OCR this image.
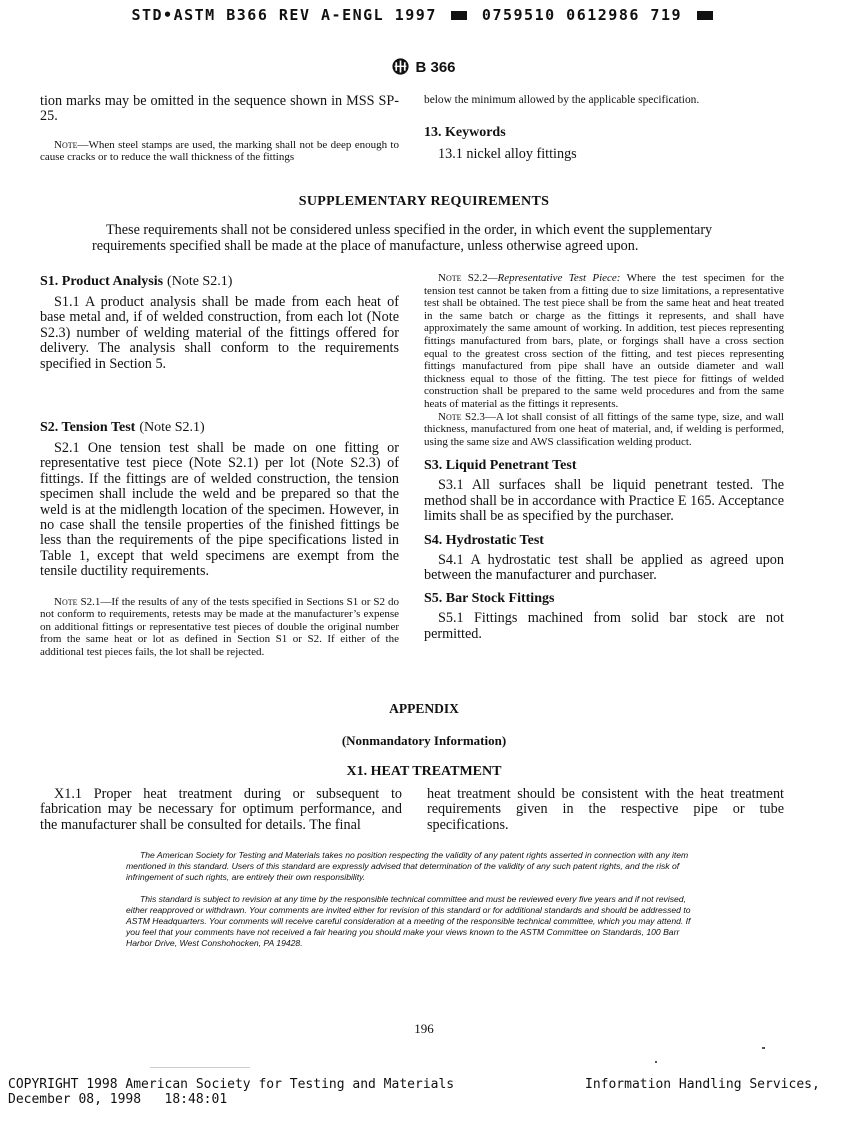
STD•ASTM B366 REV A-ENGL 1997	0759510 0612986 719
B 366

tion marks may be omitted in the sequence shown in MSS SP-25.

Note—When steel stamps are used, the marking shall not be deep enough to cause cracks or to reduce the wall thickness of the fittings

below the minimum allowed by the applicable specification.

13. Keywords

13.1 nickel alloy fittings

SUPPLEMENTARY REQUIREMENTS

These requirements shall not be considered unless specified in the order, in which event the supplementary

requirements specified shall be made at the place of manufacture, unless otherwise agreed upon.

S1. Product Analysis (Note S2.1)

S1.1 A product analysis shall be made from each heat of base metal and, if of welded construction, from each lot (Note S2.3) number of welding material of the fittings offered for delivery. The analysis shall conform to the requirements specified in Section 5.

S2. Tension Test (Note S2.1)

S2.1 One tension test shall be made on one fitting or representative test piece (Note S2.1) per lot (Note S2.3) of fittings. If the fittings are of welded construction, the tension specimen shall include the weld and be prepared so that the weld is at the midlength location of the specimen. However, in no case shall the tensile properties of the finished fittings be less than the requirements of the pipe specifications listed in Table 1, except that weld specimens are exempt from the tensile ductility requirements.

Note S2.1—If the results of any of the tests specified in Sections S1 or S2 do not conform to requirements, retests may be made at the manufacturer’s expense on additional fittings or representative test pieces of double the original number from the same heat or lot as defined in Section S1 or S2. If either of the additional test pieces fails, the lot shall be rejected.

Note S2.2—Representative Test Piece: Where the test specimen for the tension test cannot be taken from a fitting due to size limitations, a representative test shall be obtained. The test piece shall be from the same heat and heat treated in the same batch or charge as the fittings it represents, and shall have approximately the same amount of working. In addition, test pieces representing fittings manufactured from bars, plate, or forgings shall have a cross section equal to the greatest cross section of the fitting, and test pieces representing fittings manufactured from pipe shall have an outside diameter and wall thickness equal to those of the fitting. The test piece for fittings of welded construction shall be prepared to the same weld procedures and from the same heats of material as the fittings it represents.

Note S2.3—A lot shall consist of all fittings of the same type, size, and wall thickness, manufactured from one heat of material, and, if welding is performed, using the same size and AWS classification welding product.

S3. Liquid Penetrant Test

S3.1 All surfaces shall be liquid penetrant tested. The method shall be in accordance with Practice E 165. Acceptance limits shall be as specified by the purchaser.

S4. Hydrostatic Test

S4.1 A hydrostatic test shall be applied as agreed upon between the manufacturer and purchaser.

S5. Bar Stock Fittings

S5.1 Fittings machined from solid bar stock are not permitted.

APPENDIX
(Nonmandatory Information)
X1. HEAT TREATMENT

X1.1 Proper heat treatment during or subsequent to fabrication may be necessary for optimum performance, and the manufacturer shall be consulted for details. The final

heat treatment should be consistent with the heat treatment requirements given in the respective pipe or tube specifications.

The American Society for Testing and Materials takes no position respecting the validity of any patent rights asserted in connection with any item mentioned in this standard. Users of this standard are expressly advised that determination of the validity of any such patent rights, and the risk of infringement of such rights, are entirely their own responsibility.

This standard is subject to revision at any time by the responsible technical committee and must be reviewed every five years and if not revised, either reapproved or withdrawn. Your comments are invited either for revision of this standard or for additional standards and should be addressed to ASTM Headquarters. Your comments will receive careful consideration at a meeting of the responsible technical committee, which you may attend. If you feel that your comments have not received a fair hearing you should make your views known to the ASTM Committee on Standards, 100 Barr Harbor Drive, West Conshohocken, PA 19428.

196
COPYRIGHT 1998 American Society for Testing and Materials	Information Handling Services,
December 08, 1998   18:48:01
